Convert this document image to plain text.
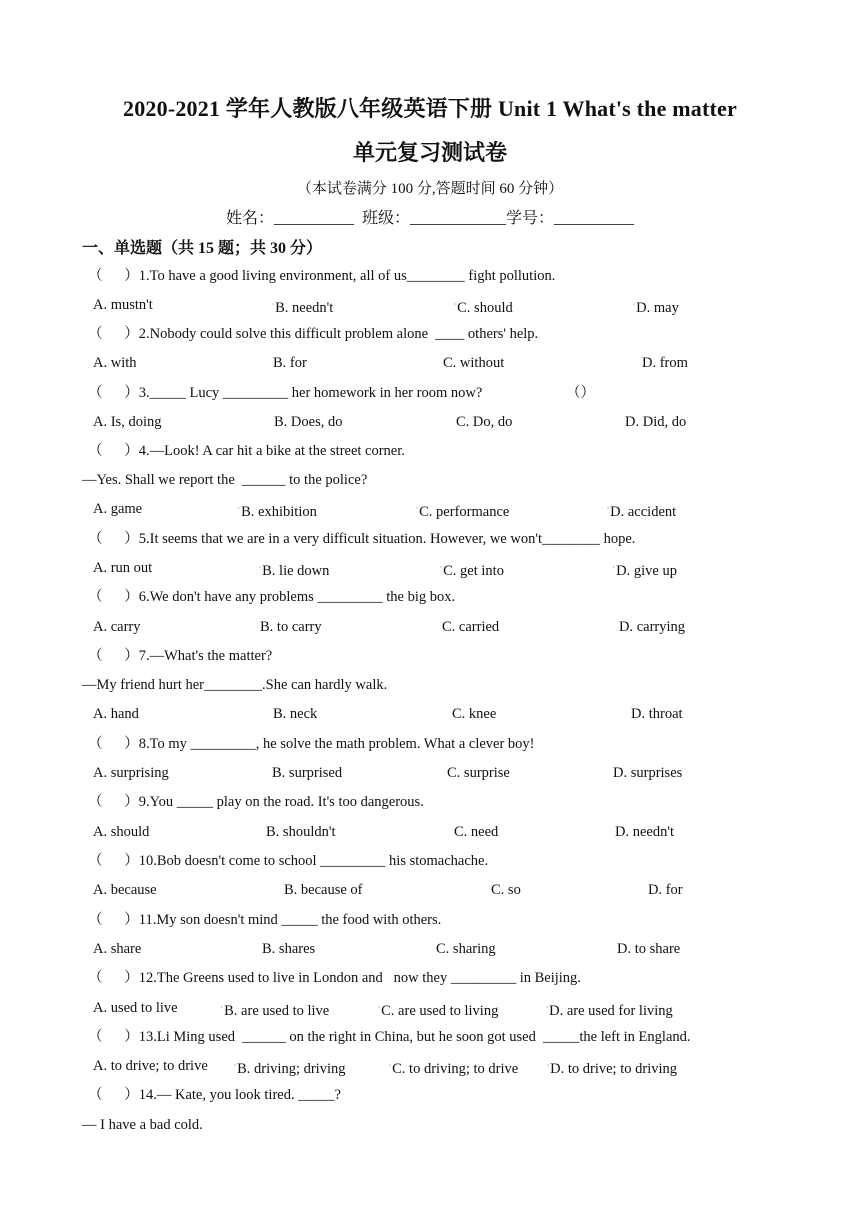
2020-2021 学年人教版八年级英语下册 Unit 1 What's the matter
单元复习测试卷
（本试卷满分 100 分,答题时间 60 分钟）
姓名：__________  班级：____________学号：__________
一、单选题（共 15 题；共 30 分）
（      ）1.To have a good living environment, all of us________ fight pollution.
A. mustn't	▫B. needn't	▫C. should	▫D. may
（      ）2.Nobody could solve this difficult problem alone  ____ others' help.
A. with	B. for	C. without	D. from
（      ）3._____ Lucy _________ her homework in her room now?	（）
A. Is, doing	B. Does, do	C. Do, do	D. Did, do
（      ）4.—Look! A car hit a bike at the street corner.
—Yes. Shall we report the  ______ to the police?
A. game	▫B. exhibition	▫C. performance	▫D. accident
（      ）5.It seems that we are in a very difficult situation. However, we won't________ hope.
A. run out	▫B. lie down	▫C. get into	▫D. give up
（      ）6.We don't have any problems _________ the big box.
A. carry	B. to carry	C. carried	D. carrying
（      ）7.—What's the matter?
—My friend hurt her________.She can hardly walk.
A. hand	B. neck	C. knee	D. throat
（      ）8.To my _________, he solve the math problem. What a clever boy!
A. surprising	B. surprised	C. surprise	D. surprises
（      ）9.You _____ play on the road. It's too dangerous.
A. should	B. shouldn't	C. need	D. needn't
（      ）10.Bob doesn't come to school _________ his stomachache.
A. because	B. because of	C. so	D. for
（      ）11.My son doesn't mind _____ the food with others.
A. share	B. shares	C. sharing	D. to share
（      ）12.The Greens used to live in London and   now they _________ in Beijing.
A. used to live	▫B. are used to live	▫C. are used to living	▫D. are used for living
（      ）13.Li Ming used  ______ on the right in China, but he soon got used  _____the left in England.
A. to drive; to drive	▫B. driving; driving	▫C. to driving; to drive	▫D. to drive; to driving
（      ）14.— Kate, you look tired. _____?
— I have a bad cold.
